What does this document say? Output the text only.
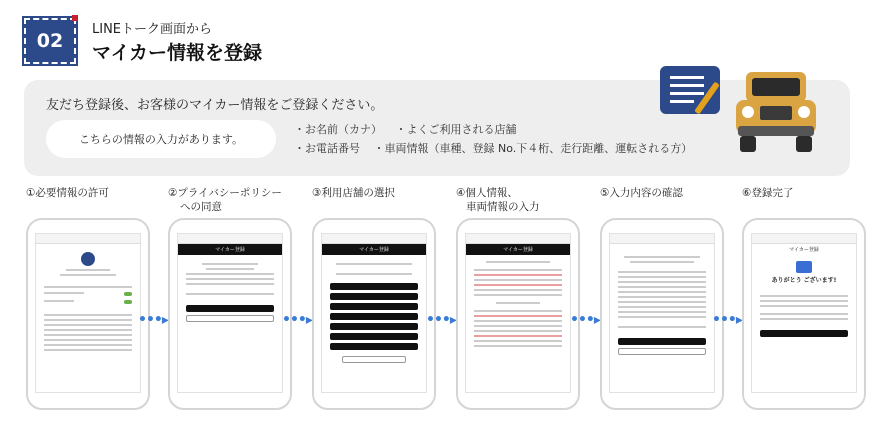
02
LINEトーク画面から
マイカー情報を登録
友だち登録後、お客様のマイカー情報をご登録ください。
こちらの情報の入力があります。
・お名前（カナ） ・よくご利用される店舗
・お電話番号 ・車両情報（車種、登録 No.下４桁、走行距離、運転される方）
①必要情報の許可	②プライバシーポリシー
への同意
③利用店舗の選択	④個人情報、
車両情報の入力
⑤入力内容の確認	⑥登録完了
•••▸
マイカー登録
•••▸
マイカー登録
•••▸
マイカー登録
•••▸	•••▸
マイカー登録
ありがとう ございます!
